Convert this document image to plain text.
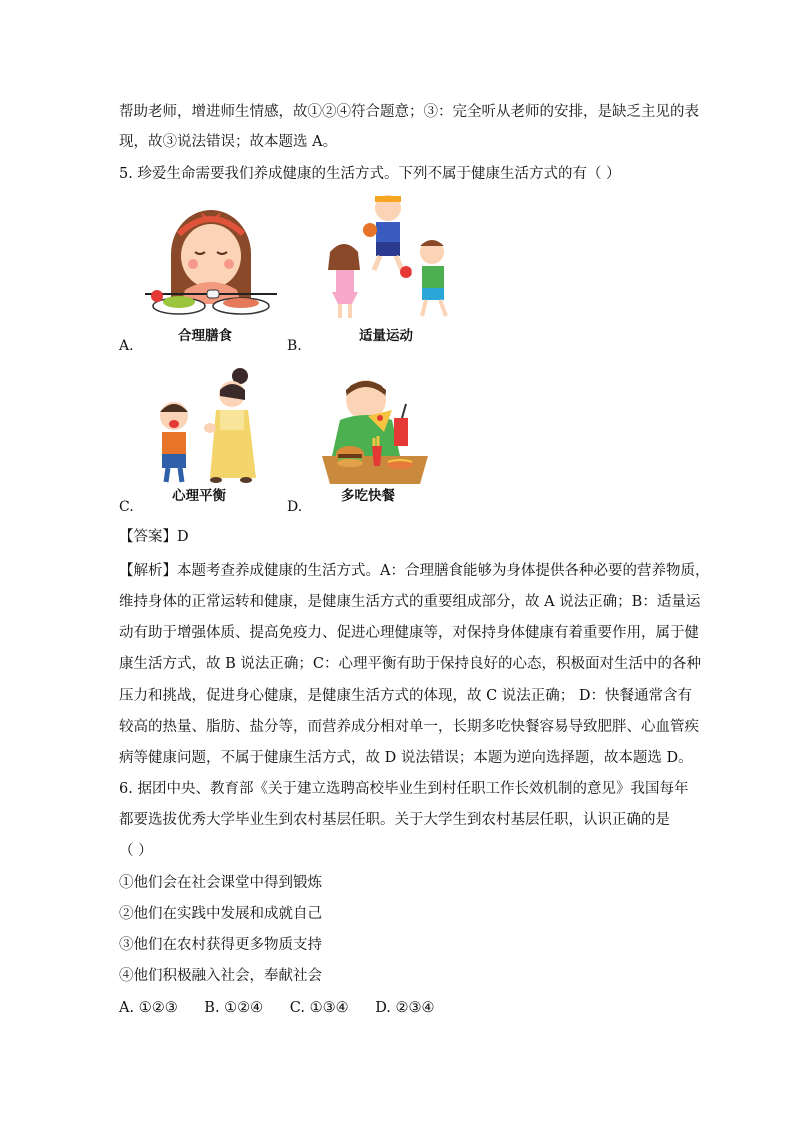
帮助老师，增进师生情感，故①②④符合题意；③：完全听从老师的安排，是缺乏主见的表
现，故③说法错误；故本题选 A。
5. 珍爱生命需要我们养成健康的生活方式。下列不属于健康生活方式的有（ ）
合理膳食
A.
适量运动
B.
心理平衡
C.
多吃快餐
D.
【答案】D
【解析】本题考查养成健康的生活方式。A：合理膳食能够为身体提供各种必要的营养物质，
维持身体的正常运转和健康，是健康生活方式的重要组成部分，故 A 说法正确；B：适量运
动有助于增强体质、提高免疫力、促进心理健康等，对保持身体健康有着重要作用，属于健
康生活方式，故 B 说法正确；C：心理平衡有助于保持良好的心态，积极面对生活中的各种
压力和挑战，促进身心健康，是健康生活方式的体现，故 C 说法正确； D：快餐通常含有
较高的热量、脂肪、盐分等，而营养成分相对单一，长期多吃快餐容易导致肥胖、心血管疾
病等健康问题，不属于健康生活方式，故 D 说法错误；本题为逆向选择题，故本题选 D。
6. 据团中央、教育部《关于建立选聘高校毕业生到村任职工作长效机制的意见》我国每年
都要选拔优秀大学毕业生到农村基层任职。关于大学生到农村基层任职，认识正确的是
（ ）
①他们会在社会课堂中得到锻炼
②他们在实践中发展和成就自己
③他们在农村获得更多物质支持
④他们积极融入社会，奉献社会
A. ①②③ B. ①②④ C. ①③④ D. ②③④
